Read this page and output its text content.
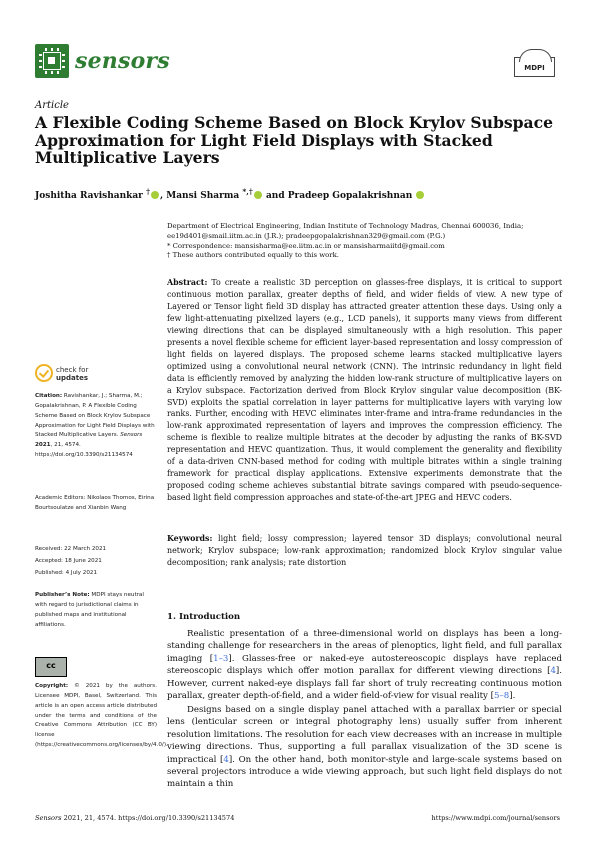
sensors	MDPI
Article
A Flexible Coding Scheme Based on Block Krylov Subspace Approximation for Light Field Displays with Stacked Multiplicative Layers
Joshitha Ravishankar † , Mansi Sharma *,† and Pradeep Gopalakrishnan
Department of Electrical Engineering, Indian Institute of Technology Madras, Chennai 600036, India;
ee19d401@smail.iitm.ac.in (J.R.); pradeepgopalakrishnan329@gmail.com (P.G.)
* Correspondence: mansisharma@ee.iitm.ac.in or mansisharmaiitd@gmail.com
† These authors contributed equally to this work.
Abstract: To create a realistic 3D perception on glasses-free displays, it is critical to support continuous motion parallax, greater depths of field, and wider fields of view. A new type of Layered or Tensor light field 3D display has attracted greater attention these days. Using only a few light-attenuating pixelized layers (e.g., LCD panels), it supports many views from different viewing directions that can be displayed simultaneously with a high resolution. This paper presents a novel flexible scheme for efficient layer-based representation and lossy compression of light fields on layered displays. The proposed scheme learns stacked multiplicative layers optimized using a convolutional neural network (CNN). The intrinsic redundancy in light field data is efficiently removed by analyzing the hidden low-rank structure of multiplicative layers on a Krylov subspace. Factorization derived from Block Krylov singular value decomposition (BK-SVD) exploits the spatial correlation in layer patterns for multiplicative layers with varying low ranks. Further, encoding with HEVC eliminates inter-frame and intra-frame redundancies in the low-rank approximated representation of layers and improves the compression efficiency. The scheme is flexible to realize multiple bitrates at the decoder by adjusting the ranks of BK-SVD representation and HEVC quantization. Thus, it would complement the generality and flexibility of a data-driven CNN-based method for coding with multiple bitrates within a single training framework for practical display applications. Extensive experiments demonstrate that the proposed coding scheme achieves substantial bitrate savings compared with pseudo-sequence-based light field compression approaches and state-of-the-art JPEG and HEVC coders.
Keywords: light field; lossy compression; layered tensor 3D displays; convolutional neural network; Krylov subspace; low-rank approximation; randomized block Krylov singular value decomposition; rank analysis; rate distortion
check for
updates
Citation: Ravishankar, J.; Sharma, M.; Gopalakrishnan, P. A Flexible Coding Scheme Based on Block Krylov Subspace Approximation for Light Field Displays with Stacked Multiplicative Layers. Sensors 2021, 21, 4574. https://doi.org/10.3390/s21134574
Academic Editors: Nikolaos Thomos, Eirina Bourtsoulatze and Xianbin Wang
Received: 22 March 2021
Accepted: 18 June 2021
Published: 4 July 2021
Publisher’s Note: MDPI stays neutral with regard to jurisdictional claims in published maps and institutional affiliations.
cc
Copyright: © 2021 by the authors. Licensee MDPI, Basel, Switzerland. This article is an open access article distributed under the terms and conditions of the Creative Commons Attribution (CC BY) license (https://creativecommons.org/licenses/by/4.0/).
1. Introduction
Realistic presentation of a three-dimensional world on displays has been a long-standing challenge for researchers in the areas of plenoptics, light field, and full parallax imaging [1–3]. Glasses-free or naked-eye autostereoscopic displays have replaced stereoscopic displays which offer motion parallax for different viewing directions [4]. However, current naked-eye displays fall far short of truly recreating continuous motion parallax, greater depth-of-field, and a wider field-of-view for visual reality [5–8].
Designs based on a single display panel attached with a parallax barrier or special lens (lenticular screen or integral photography lens) usually suffer from inherent resolution limitations. The resolution for each view decreases with an increase in multiple viewing directions. Thus, supporting a full parallax visualization of the 3D scene is impractical [4]. On the other hand, both monitor-style and large-scale systems based on several projectors introduce a wide viewing approach, but such light field displays do not maintain a thin
Sensors 2021, 21, 4574. https://doi.org/10.3390/s21134574	https://www.mdpi.com/journal/sensors
